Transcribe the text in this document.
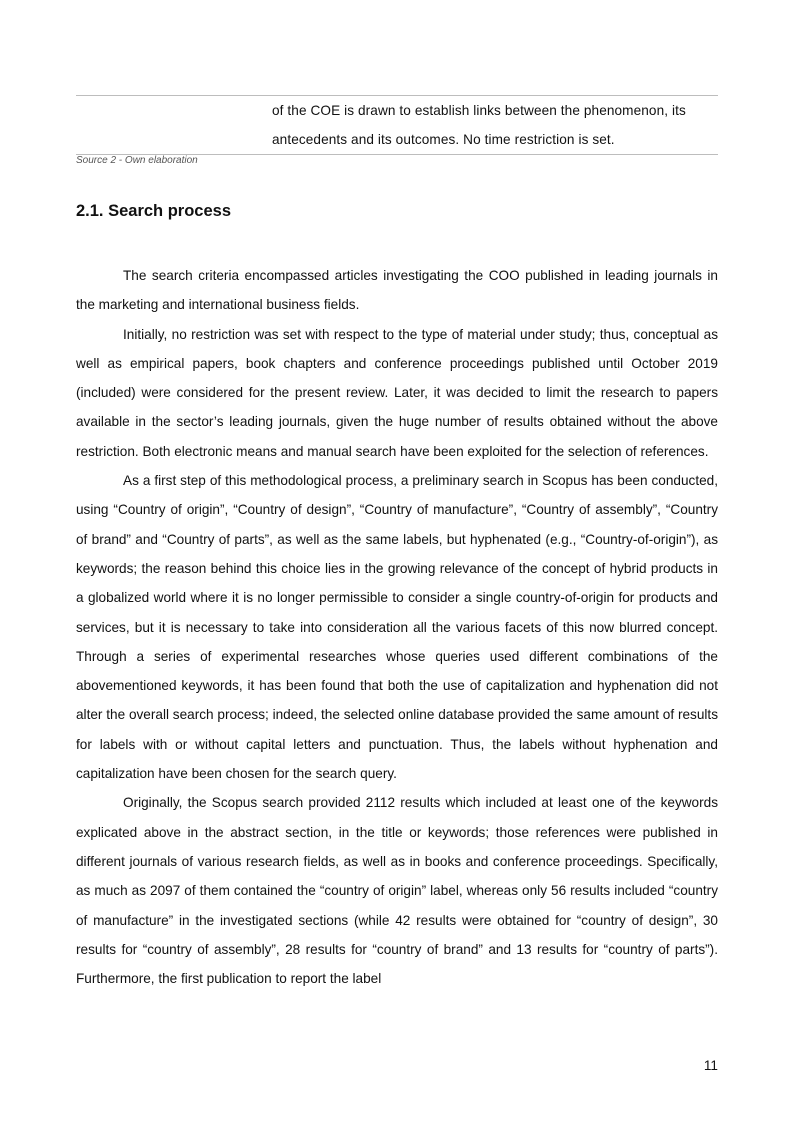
of the COE is drawn to establish links between the phenomenon, its

antecedents and its outcomes. No time restriction is set.

Source 2 - Own elaboration
2.1. Search process

The search criteria encompassed articles investigating the COO published in leading journals in the marketing and international business fields.

Initially, no restriction was set with respect to the type of material under study; thus, conceptual as well as empirical papers, book chapters and conference proceedings published until October 2019 (included) were considered for the present review. Later, it was decided to limit the research to papers available in the sector’s leading journals, given the huge number of results obtained without the above restriction. Both electronic means and manual search have been exploited for the selection of references.

As a first step of this methodological process, a preliminary search in Scopus has been conducted, using “Country of origin”, “Country of design”, “Country of manufacture”, “Country of assembly”, “Country of brand” and “Country of parts”, as well as the same labels, but hyphenated (e.g., “Country-of-origin”), as keywords; the reason behind this choice lies in the growing relevance of the concept of hybrid products in a globalized world where it is no longer permissible to consider a single country-of-origin for products and services, but it is necessary to take into consideration all the various facets of this now blurred concept. Through a series of experimental researches whose queries used different combinations of the abovementioned keywords, it has been found that both the use of capitalization and hyphenation did not alter the overall search process; indeed, the selected online database provided the same amount of results for labels with or without capital letters and punctuation. Thus, the labels without hyphenation and capitalization have been chosen for the search query.

Originally, the Scopus search provided 2112 results which included at least one of the keywords explicated above in the abstract section, in the title or keywords; those references were published in different journals of various research fields, as well as in books and conference proceedings. Specifically, as much as 2097 of them contained the “country of origin” label, whereas only 56 results included “country of manufacture” in the investigated sections (while 42 results were obtained for “country of design”, 30 results for “country of assembly”, 28 results for “country of brand” and 13 results for “country of parts”). Furthermore, the first publication to report the label

11
